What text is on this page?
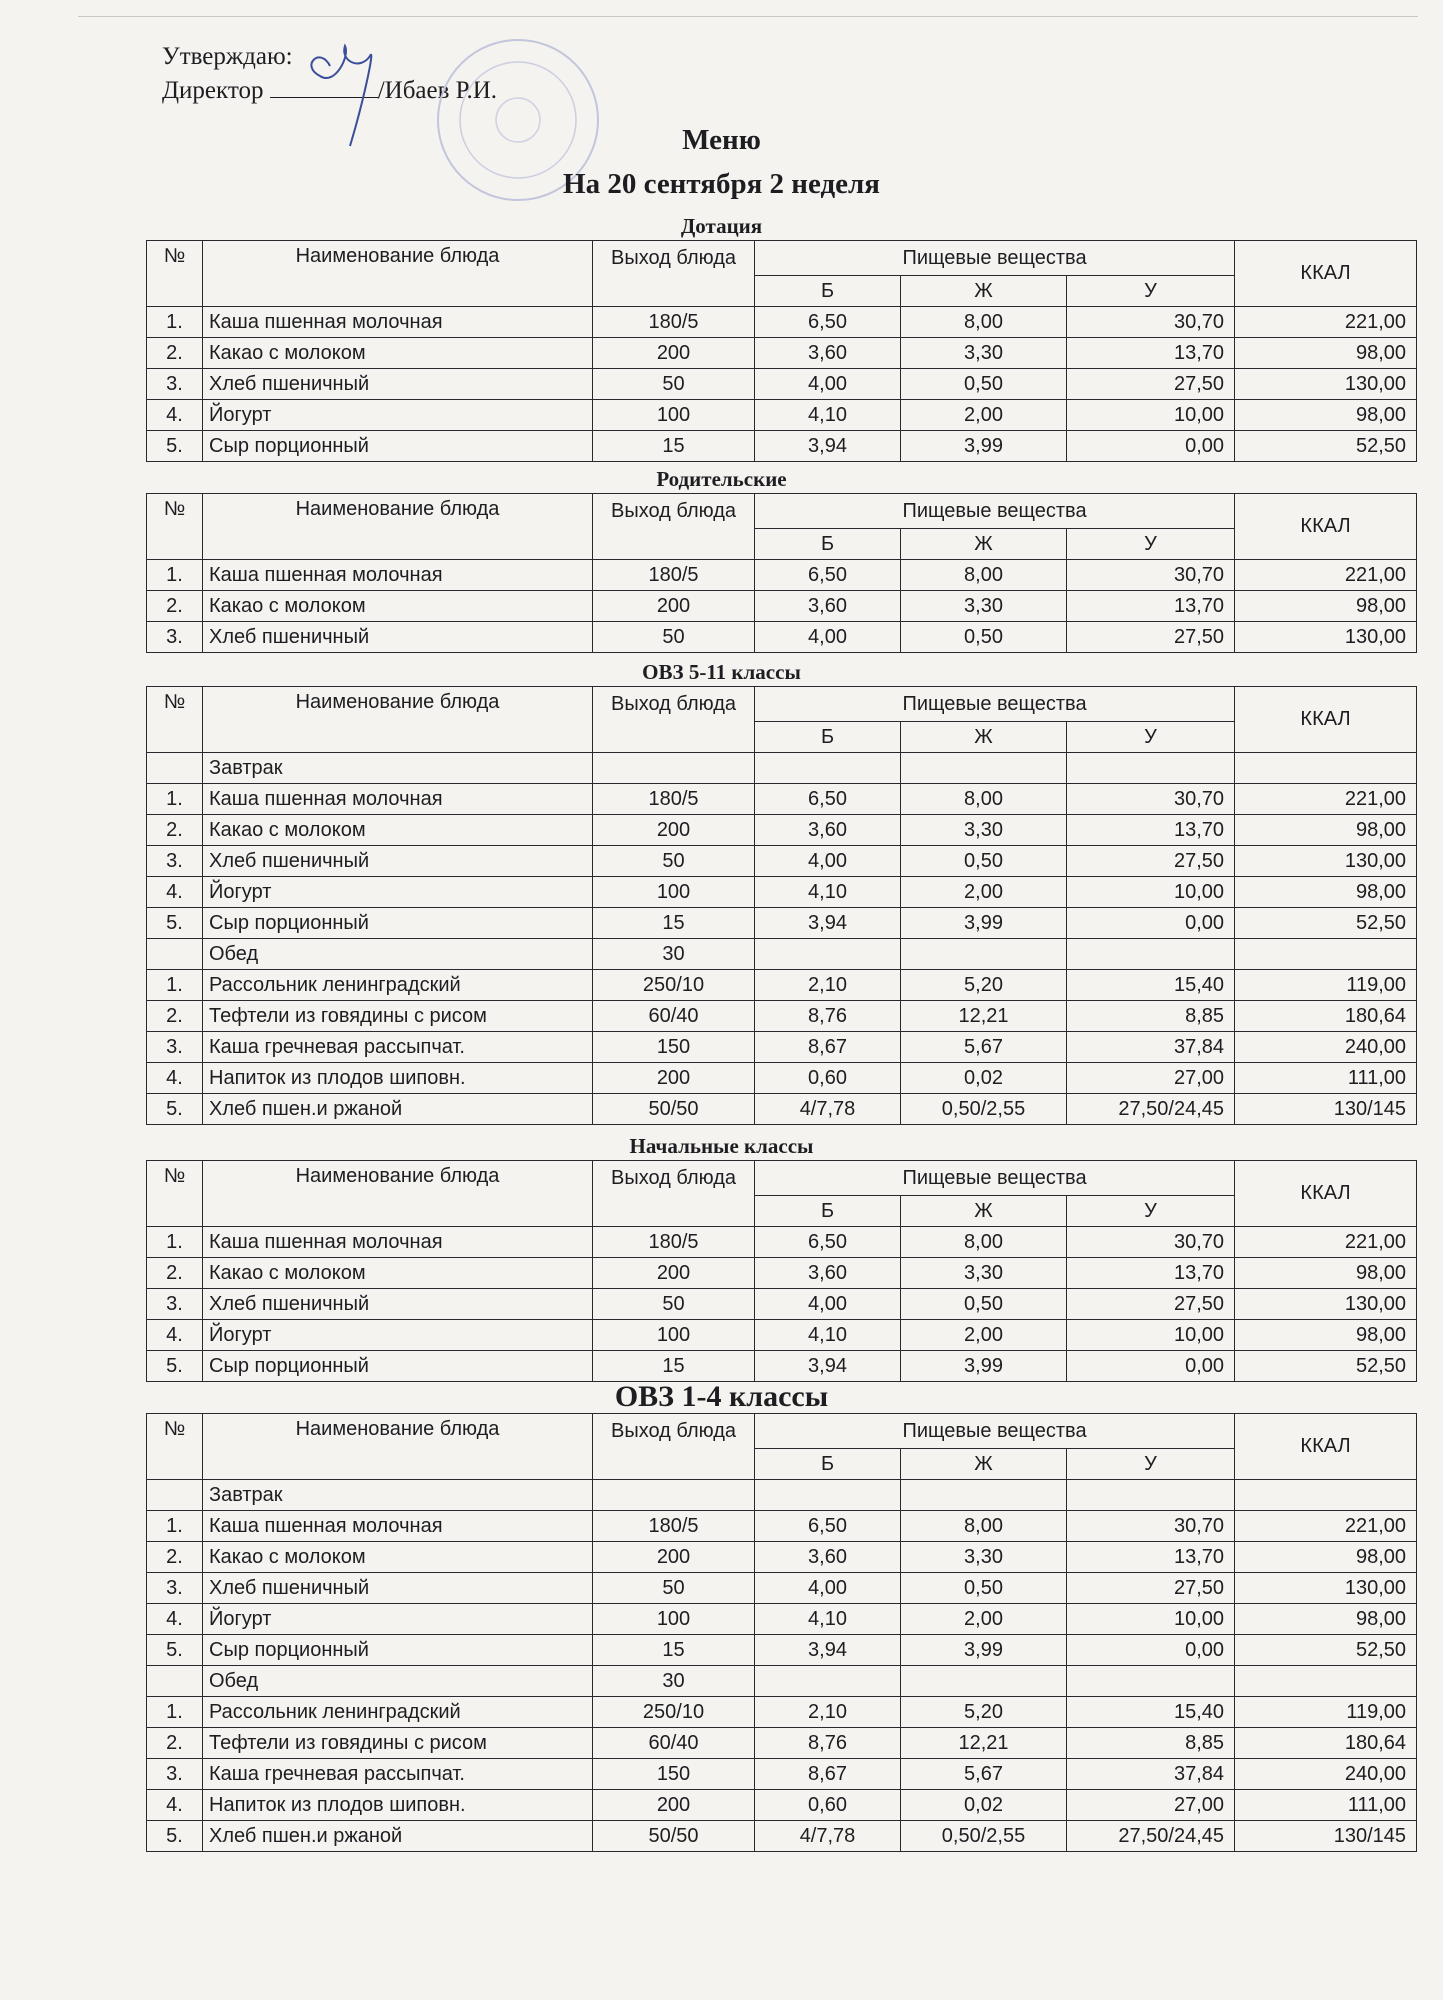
Утверждаю:
Директор	/Ибаев Р.И.
Меню
На 20 сентября 2 неделя
Дотация
№	Наименование блюда	Выход блюда	Пищевые вещества			ККАЛ
			Б	Ж	У	
1.	Каша пшенная молочная	180/5	6,50	8,00	30,70	221,00
2.	Какао с молоком	200	3,60	3,30	13,70	98,00
3.	Хлеб пшеничный	50	4,00	0,50	27,50	130,00
4.	Йогурт	100	4,10	2,00	10,00	98,00
5.	Сыр порционный	15	3,94	3,99	0,00	52,50
Родительские
№	Наименование блюда	Выход блюда	Пищевые вещества			ККАЛ
			Б	Ж	У	
1.	Каша пшенная молочная	180/5	6,50	8,00	30,70	221,00
2.	Какао с молоком	200	3,60	3,30	13,70	98,00
3.	Хлеб пшеничный	50	4,00	0,50	27,50	130,00
ОВЗ 5-11 классы
№	Наименование блюда	Выход блюда	Пищевые вещества			ККАЛ
			Б	Ж	У	
	Завтрак					
1.	Каша пшенная молочная	180/5	6,50	8,00	30,70	221,00
2.	Какао с молоком	200	3,60	3,30	13,70	98,00
3.	Хлеб пшеничный	50	4,00	0,50	27,50	130,00
4.	Йогурт	100	4,10	2,00	10,00	98,00
5.	Сыр порционный	15	3,94	3,99	0,00	52,50
	Обед	30				
1.	Рассольник ленинградский	250/10	2,10	5,20	15,40	119,00
2.	Тефтели из говядины с рисом	60/40	8,76	12,21	8,85	180,64
3.	Каша гречневая рассыпчат.	150	8,67	5,67	37,84	240,00
4.	Напиток из плодов шиповн.	200	0,60	0,02	27,00	111,00
5.	Хлеб пшен.и ржаной	50/50	4/7,78	0,50/2,55	27,50/24,45	130/145
Начальные классы
№	Наименование блюда	Выход блюда	Пищевые вещества			ККАЛ
			Б	Ж	У	
1.	Каша пшенная молочная	180/5	6,50	8,00	30,70	221,00
2.	Какао с молоком	200	3,60	3,30	13,70	98,00
3.	Хлеб пшеничный	50	4,00	0,50	27,50	130,00
4.	Йогурт	100	4,10	2,00	10,00	98,00
5.	Сыр порционный	15	3,94	3,99	0,00	52,50
ОВЗ 1-4 классы
№	Наименование блюда	Выход блюда	Пищевые вещества			ККАЛ
			Б	Ж	У	
	Завтрак					
1.	Каша пшенная молочная	180/5	6,50	8,00	30,70	221,00
2.	Какао с молоком	200	3,60	3,30	13,70	98,00
3.	Хлеб пшеничный	50	4,00	0,50	27,50	130,00
4.	Йогурт	100	4,10	2,00	10,00	98,00
5.	Сыр порционный	15	3,94	3,99	0,00	52,50
	Обед	30				
1.	Рассольник ленинградский	250/10	2,10	5,20	15,40	119,00
2.	Тефтели из говядины с рисом	60/40	8,76	12,21	8,85	180,64
3.	Каша гречневая рассыпчат.	150	8,67	5,67	37,84	240,00
4.	Напиток из плодов шиповн.	200	0,60	0,02	27,00	111,00
5.	Хлеб пшен.и ржаной	50/50	4/7,78	0,50/2,55	27,50/24,45	130/145
